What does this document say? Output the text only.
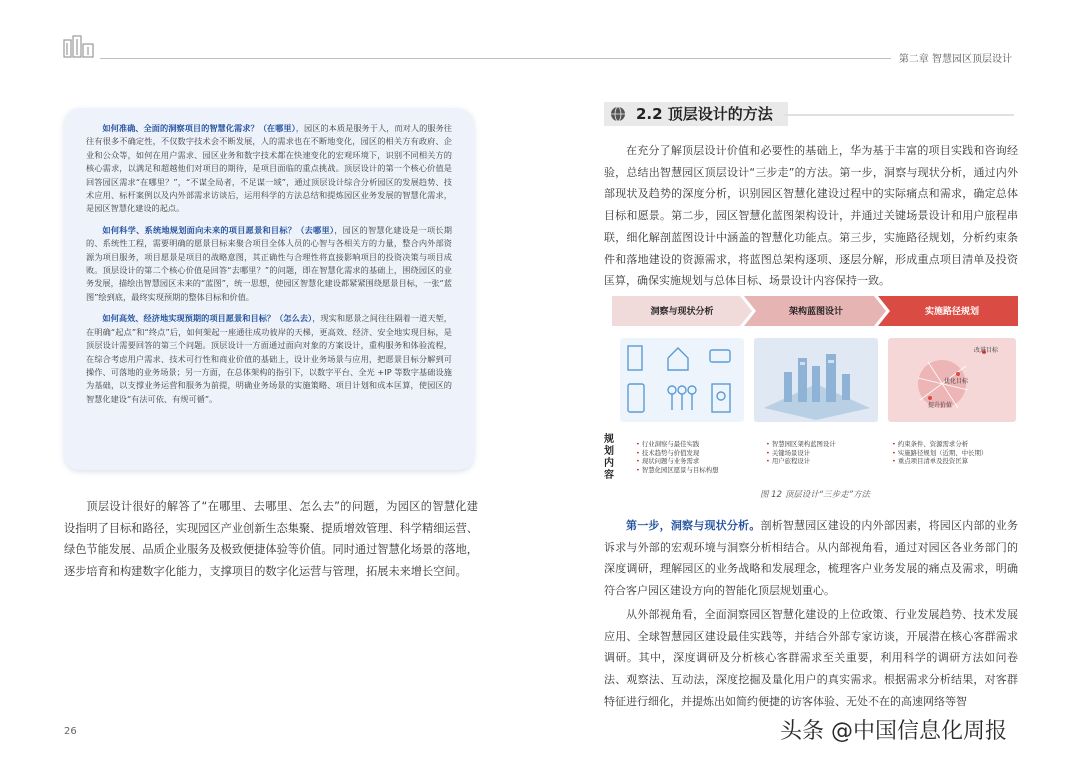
第二章 智慧园区顶层设计

如何准确、全面的洞察项目的智慧化需求？（在哪里），园区的本质是服务于人，而对人的服务往往有很多不确定性，不仅数字技术会不断发展，人的需求也在不断地变化，园区的相关方有政府、企业和公众等，如何在用户需求、园区业务和数字技术都在快速变化的宏观环境下，识别不同相关方的核心需求，以满足和超越他们对项目的期待，是项目面临的重点挑战。顶层设计的第一个核心价值是回答园区需求“在哪里？”，“不谋全局者，不足谋一域”，通过顶层设计综合分析园区的发展趋势、技术应用、标杆案例以及内外部需求访谈后，运用科学的方法总结和提炼园区业务发展的智慧化需求，是园区智慧化建设的起点。

如何科学、系统地规划面向未来的项目愿景和目标？（去哪里），园区的智慧化建设是一项长期的、系统性工程，需要明确的愿景目标来聚合项目全体人员的心智与各相关方的力量，整合内外部资源为项目服务，项目愿景是项目的战略意图，其正确性与合理性将直接影响项目的投资决策与项目成败。顶层设计的第二个核心价值是回答“去哪里？”的问题，即在智慧化需求的基础上，围绕园区的业务发展，描绘出智慧园区未来的“蓝图”，统一思想，使园区智慧化建设都紧紧围绕愿景目标，一张“蓝图”绘到底，最终实现预期的整体目标和价值。

如何高效、经济地实现预期的项目愿景和目标？（怎么去），现实和愿景之间往往隔着一道天堑，在明确“起点”和“终点”后，如何架起一座通往成功彼岸的天梯，更高效、经济、安全地实现目标，是顶层设计需要回答的第三个问题。顶层设计一方面通过面向对象的方案设计，重构服务和体验流程，在综合考虑用户需求、技术可行性和商业价值的基础上，设计业务场景与应用，把愿景目标分解到可操作、可落地的业务场景；另一方面，在总体架构的指引下，以数字平台、全光 +IP 等数字基础设施为基础，以支撑业务运营和服务为前提，明确业务场景的实施策略、项目计划和成本匡算，使园区的智慧化建设“有法可依、有规可循”。

顶层设计很好的解答了“在哪里、去哪里、怎么去”的问题，为园区的智慧化建设指明了目标和路径，实现园区产业创新生态集聚、提质增效管理、科学精细运营、绿色节能发展、品质企业服务及极致便捷体验等价值。同时通过智慧化场景的落地，逐步培育和构建数字化能力，支撑项目的数字化运营与管理，拓展未来增长空间。

2.2 顶层设计的方法

在充分了解顶层设计价值和必要性的基础上，华为基于丰富的项目实践和咨询经验，总结出智慧园区顶层设计“三步走”的方法。第一步，洞察与现状分析，通过内外部现状及趋势的深度分析，识别园区智慧化建设过程中的实际痛点和需求，确定总体目标和愿景。第二步，园区智慧化蓝图架构设计，并通过关键场景设计和用户旅程串联，细化解剖蓝图设计中涵盖的智慧化功能点。第三步，实施路径规划，分析约束条件和落地建设的资源需求，将蓝图总架构逐项、逐层分解，形成重点项目清单及投资匡算，确保实施规划与总体目标、场景设计内容保持一致。

洞察与现状分析	架构蓝图设计	实施路径规划
改进目标
优化目标
提升价值
规划内容
• 行业洞察与最佳实践
• 技术趋势与价值发现
• 现状问题与业务需求
• 智慧化园区愿景与目标构想
• 智慧园区架构蓝图设计
• 关键场景设计
• 用户旅程设计
• 约束条件、资源需求分析
• 实施路径规划（近期、中长期）
• 重点项目清单及投资匡算
图 12 顶层设计“三步走”方法

第一步，洞察与现状分析。剖析智慧园区建设的内外部因素，将园区内部的业务诉求与外部的宏观环境与洞察分析相结合。从内部视角看，通过对园区各业务部门的深度调研，理解园区的业务战略和发展理念，梳理客户业务发展的痛点及需求，明确符合客户园区建设方向的智能化顶层规划重心。

从外部视角看，全面洞察园区智慧化建设的上位政策、行业发展趋势、技术发展应用、全球智慧园区建设最佳实践等，并结合外部专家访谈，开展潜在核心客群需求调研。其中，深度调研及分析核心客群需求至关重要，利用科学的调研方法如问卷法、观察法、互动法，深度挖掘及量化用户的真实需求。根据需求分析结果，对客群特征进行细化，并提炼出如简约便捷的访客体验、无处不在的高速网络等智

26	头条 @中国信息化周报
